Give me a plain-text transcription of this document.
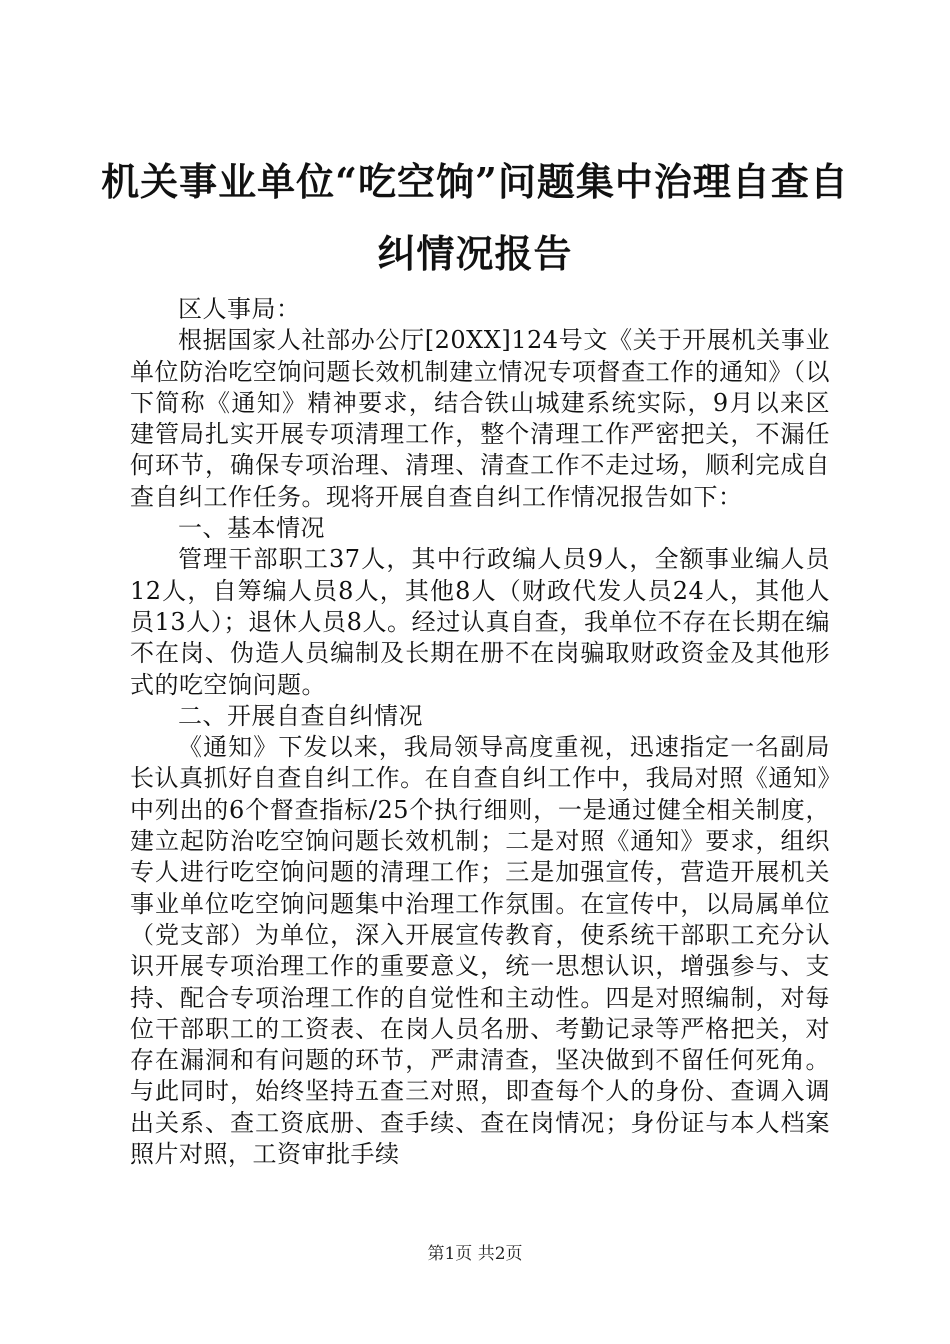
机关事业单位“吃空饷”问题集中治理自查自纠情况报告

区人事局：

根据国家人社部办公厅[20XX]124号文《关于开展机关事业单位防治吃空饷问题长效机制建立情况专项督查工作的通知》（以下简称《通知》精神要求，结合铁山城建系统实际，9月以来区建管局扎实开展专项清理工作，整个清理工作严密把关，不漏任何环节，确保专项治理、清理、清查工作不走过场，顺利完成自查自纠工作任务。现将开展自查自纠工作情况报告如下：

一、基本情况

管理干部职工37人，其中行政编人员9人，全额事业编人员12人，自筹编人员8人，其他8人（财政代发人员24人，其他人员13人）；退休人员8人。经过认真自查，我单位不存在长期在编不在岗、伪造人员编制及长期在册不在岗骗取财政资金及其他形式的吃空饷问题。

二、开展自查自纠情况

《通知》下发以来，我局领导高度重视，迅速指定一名副局长认真抓好自查自纠工作。在自查自纠工作中，我局对照《通知》中列出的6个督查指标/25个执行细则，一是通过健全相关制度，建立起防治吃空饷问题长效机制；二是对照《通知》要求，组织专人进行吃空饷问题的清理工作；三是加强宣传，营造开展机关事业单位吃空饷问题集中治理工作氛围。在宣传中，以局属单位（党支部）为单位，深入开展宣传教育，使系统干部职工充分认识开展专项治理工作的重要意义，统一思想认识，增强参与、支持、配合专项治理工作的自觉性和主动性。四是对照编制，对每位干部职工的工资表、在岗人员名册、考勤记录等严格把关，对存在漏洞和有问题的环节，严肃清查，坚决做到不留任何死角。与此同时，始终坚持五查三对照，即查每个人的身份、查调入调出关系、查工资底册、查手续、查在岗情况；身份证与本人档案照片对照，工资审批手续

第1页 共2页
